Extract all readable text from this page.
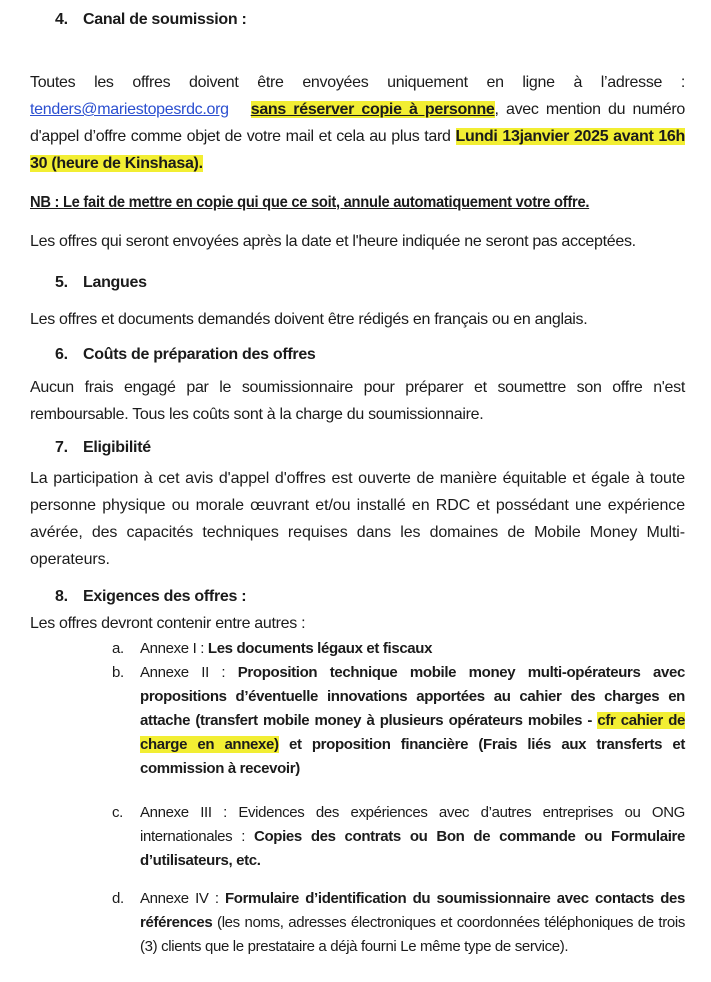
4. Canal de soumission :

Toutes les offres doivent être envoyées uniquement en ligne à l’adresse : tenders@mariestopesrdc.org sans réserver copie à personne, avec mention du numéro d'appel d’offre comme objet de votre mail et cela au plus tard Lundi 13janvier 2025 avant 16h 30 (heure de Kinshasa).

NB : Le fait de mettre en copie qui que ce soit, annule automatiquement votre offre.

Les offres qui seront envoyées après la date et l'heure indiquée ne seront pas acceptées.

5. Langues

Les offres et documents demandés doivent être rédigés en français ou en anglais.

6. Coûts de préparation des offres

Aucun frais engagé par le soumissionnaire pour préparer et soumettre son offre n'est remboursable. Tous les coûts sont à la charge du soumissionnaire.

7. Eligibilité

La participation à cet avis d'appel d'offres est ouverte de manière équitable et égale à toute personne physique ou morale œuvrant et/ou installé en RDC et possédant une expérience avérée, des capacités techniques requises dans les domaines de Mobile Money Multi-operateurs.

8. Exigences des offres :

Les offres devront contenir entre autres :

a.	Annexe I : Les documents légaux et fiscaux
b.	Annexe II : Proposition technique mobile money multi-opérateurs avec propositions d’éventuelle innovations apportées au cahier des charges en attache (transfert mobile money à plusieurs opérateurs mobiles - cfr cahier de charge en annexe) et proposition financière (Frais liés aux transferts et commission à recevoir)
c.	Annexe III : Evidences des expériences avec d’autres entreprises ou ONG internationales : Copies des contrats ou Bon de commande ou Formulaire d’utilisateurs, etc.
d.	Annexe IV : Formulaire d’identification du soumissionnaire avec contacts des références (les noms, adresses électroniques et coordonnées téléphoniques de trois (3) clients que le prestataire a déjà fourni Le même type de service).
